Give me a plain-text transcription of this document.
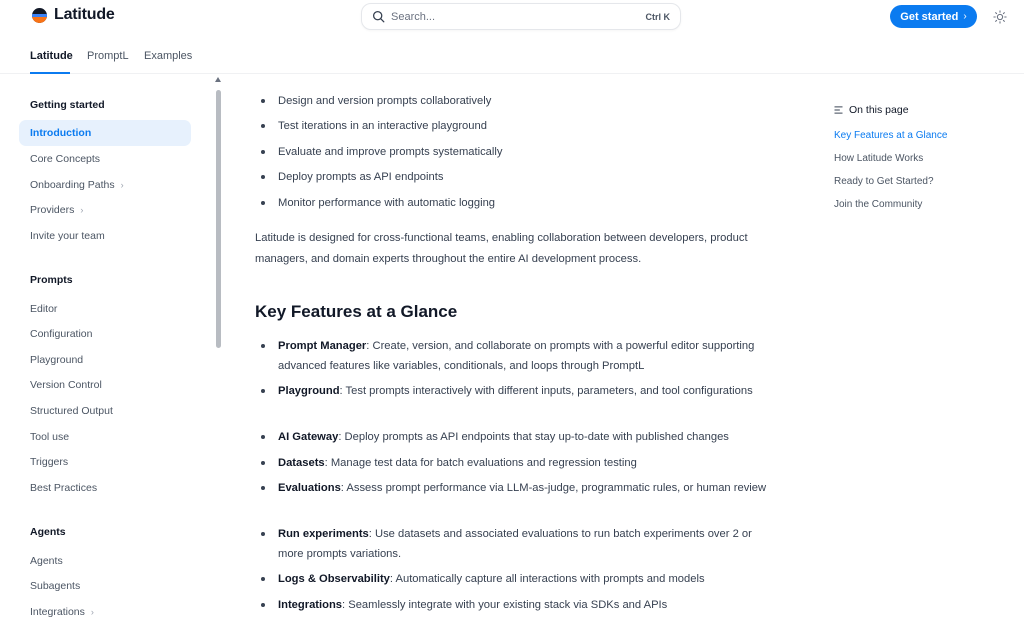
Latitude	Search...	Ctrl K	Get started ›
Latitude PromptL Examples
Getting started
Introduction
Core Concepts
Onboarding Paths ›
Providers ›
Invite your team
Prompts
Editor
Configuration
Playground
Version Control
Structured Output
Tool use
Triggers
Best Practices
Agents
Agents
Subagents
Integrations ›
Design and version prompts collaboratively
Test iterations in an interactive playground
Evaluate and improve prompts systematically
Deploy prompts as API endpoints
Monitor performance with automatic logging

Latitude is designed for cross-functional teams, enabling collaboration between developers, product managers, and domain experts throughout the entire AI development process.

Key Features at a Glance
Prompt Manager: Create, version, and collaborate on prompts with a powerful editor supporting advanced features like variables, conditionals, and loops through PromptL
Playground: Test prompts interactively with different inputs, parameters, and tool configurations
AI Gateway: Deploy prompts as API endpoints that stay up-to-date with published changes
Datasets: Manage test data for batch evaluations and regression testing
Evaluations: Assess prompt performance via LLM-as-judge, programmatic rules, or human review
Run experiments: Use datasets and associated evaluations to run batch experiments over 2 or more prompts variations.
Logs & Observability: Automatically capture all interactions with prompts and models
Integrations: Seamlessly integrate with your existing stack via SDKs and APIs
On this page
Key Features at a Glance
How Latitude Works
Ready to Get Started?
Join the Community
